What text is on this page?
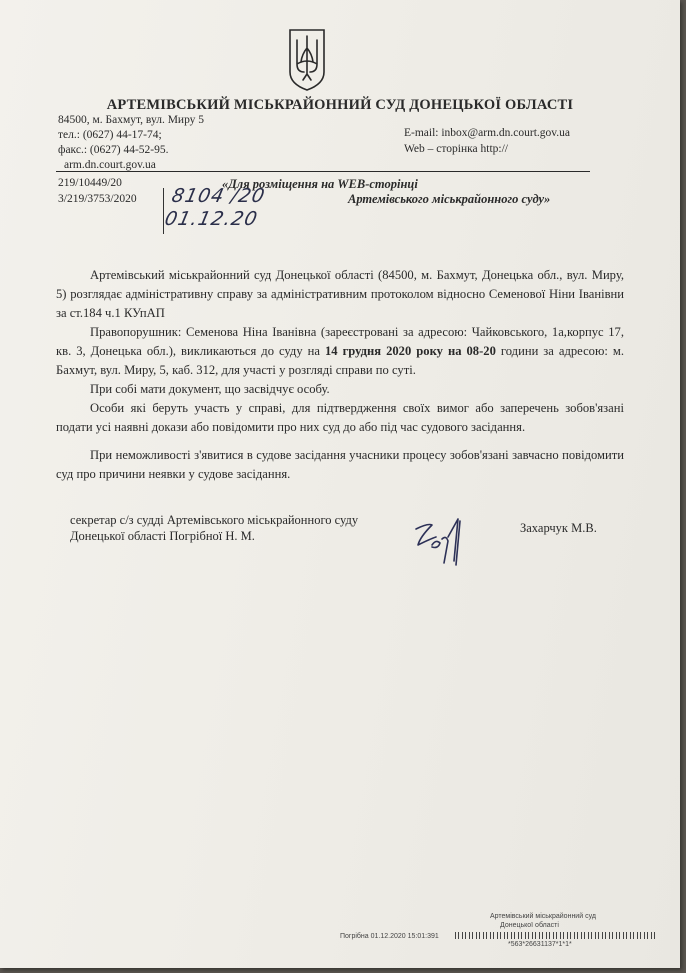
АРТЕМІВСЬКИЙ МІСЬКРАЙОННИЙ СУД ДОНЕЦЬКОЇ ОБЛАСТІ
84500, м. Бахмут, вул. Миру 5
тел.: (0627) 44-17-74;
факс.: (0627) 44-52-95.
arm.dn.court.gov.ua
E-mail: inbox@arm.dn.court.gov.ua
Web – сторінка http://
219/10449/20
3/219/3753/2020 8104 /20
01.12.20
«Для розміщення на WEB-сторінці
Артемівського міськрайонного суду»
Артемівський міськрайонний суд Донецької області (84500, м. Бахмут, Донецька обл., вул. Миру, 5) розглядає адміністративну справу за адміністративним протоколом відносно Семенової Ніни Іванівни за ст.184 ч.1 КУпАП
Правопорушник: Семенова Ніна Іванівна (зареєстровані за адресою: Чайковського, 1а,корпус 17, кв. 3, Донецька обл.), викликаються до суду на 14 грудня 2020 року на 08-20 години за адресою: м. Бахмут, вул. Миру, 5, каб. 312, для участі у розгляді справи по суті.
При собі мати документ, що засвідчує особу.
Особи які беруть участь у справі, для підтвердження своїх вимог або заперечень зобов'язані подати усі наявні докази або повідомити про них суд до або під час судового засідання.
При неможливості з'явитися в судове засідання учасники процесу зобов'язані завчасно повідомити суд про причини неявки у судове засідання.
секретар с/з судді Артемівського міськрайонного суду
Донецької області Погрібної Н. М.
Захарчук М.В.
Артемівський міськрайонний суд
Донецької області
Погрібна 01.12.2020 15:01:391
*563*26631137*1*1*
